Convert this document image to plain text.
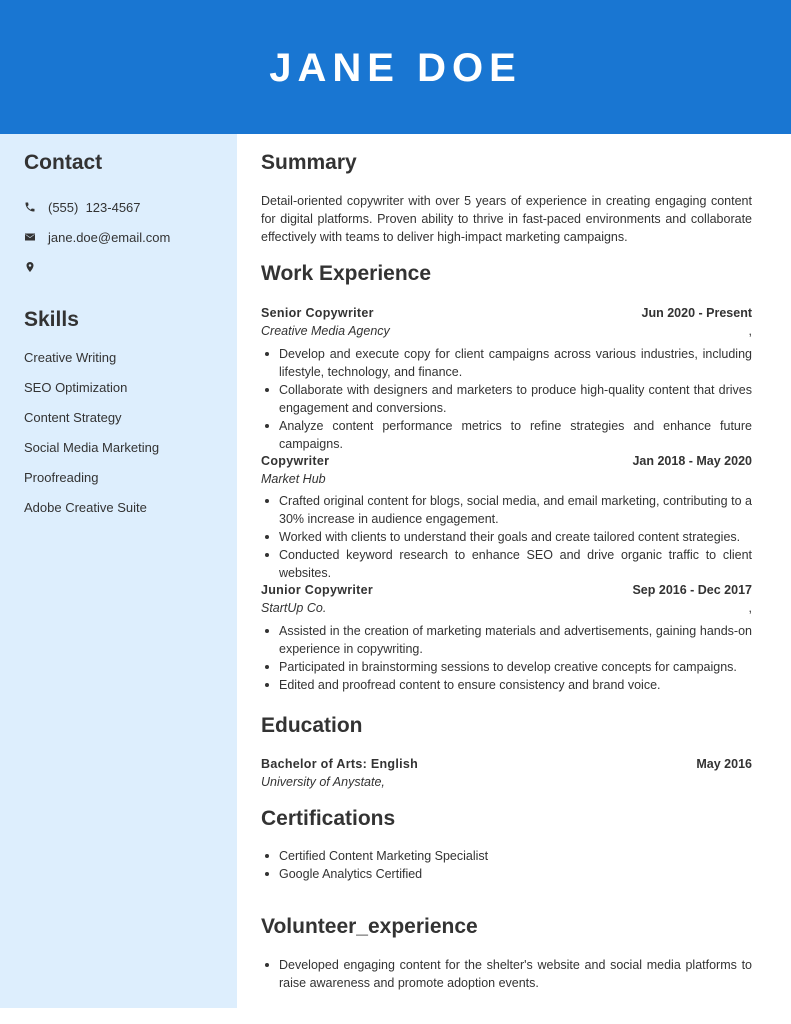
JANE DOE
Contact
(555)  123-4567
jane.doe@email.com
Skills
Creative Writing
SEO Optimization
Content Strategy
Social Media Marketing
Proofreading
Adobe Creative Suite
Summary
Detail-oriented copywriter with over 5 years of experience in creating engaging content for digital platforms. Proven ability to thrive in fast-paced environments and collaborate effectively with teams to deliver high-impact marketing campaigns.
Work Experience
Senior Copywriter	Jun 2020 - Present
Creative Media Agency	,
Develop and execute copy for client campaigns across various industries, including lifestyle, technology, and finance.
Collaborate with designers and marketers to produce high-quality content that drives engagement and conversions.
Analyze content performance metrics to refine strategies and enhance future campaigns.
Copywriter	Jan 2018 - May 2020
Market Hub
Crafted original content for blogs, social media, and email marketing, contributing to a 30% increase in audience engagement.
Worked with clients to understand their goals and create tailored content strategies.
Conducted keyword research to enhance SEO and drive organic traffic to client websites.
Junior Copywriter	Sep 2016 - Dec 2017
StartUp Co.	,
Assisted in the creation of marketing materials and advertisements, gaining hands-on experience in copywriting.
Participated in brainstorming sessions to develop creative concepts for campaigns.
Edited and proofread content to ensure consistency and brand voice.
Education
Bachelor of Arts: English	May 2016
University of Anystate,
Certifications
Certified Content Marketing Specialist
Google Analytics Certified
Volunteer_experience
Developed engaging content for the shelter's website and social media platforms to raise awareness and promote adoption events.
